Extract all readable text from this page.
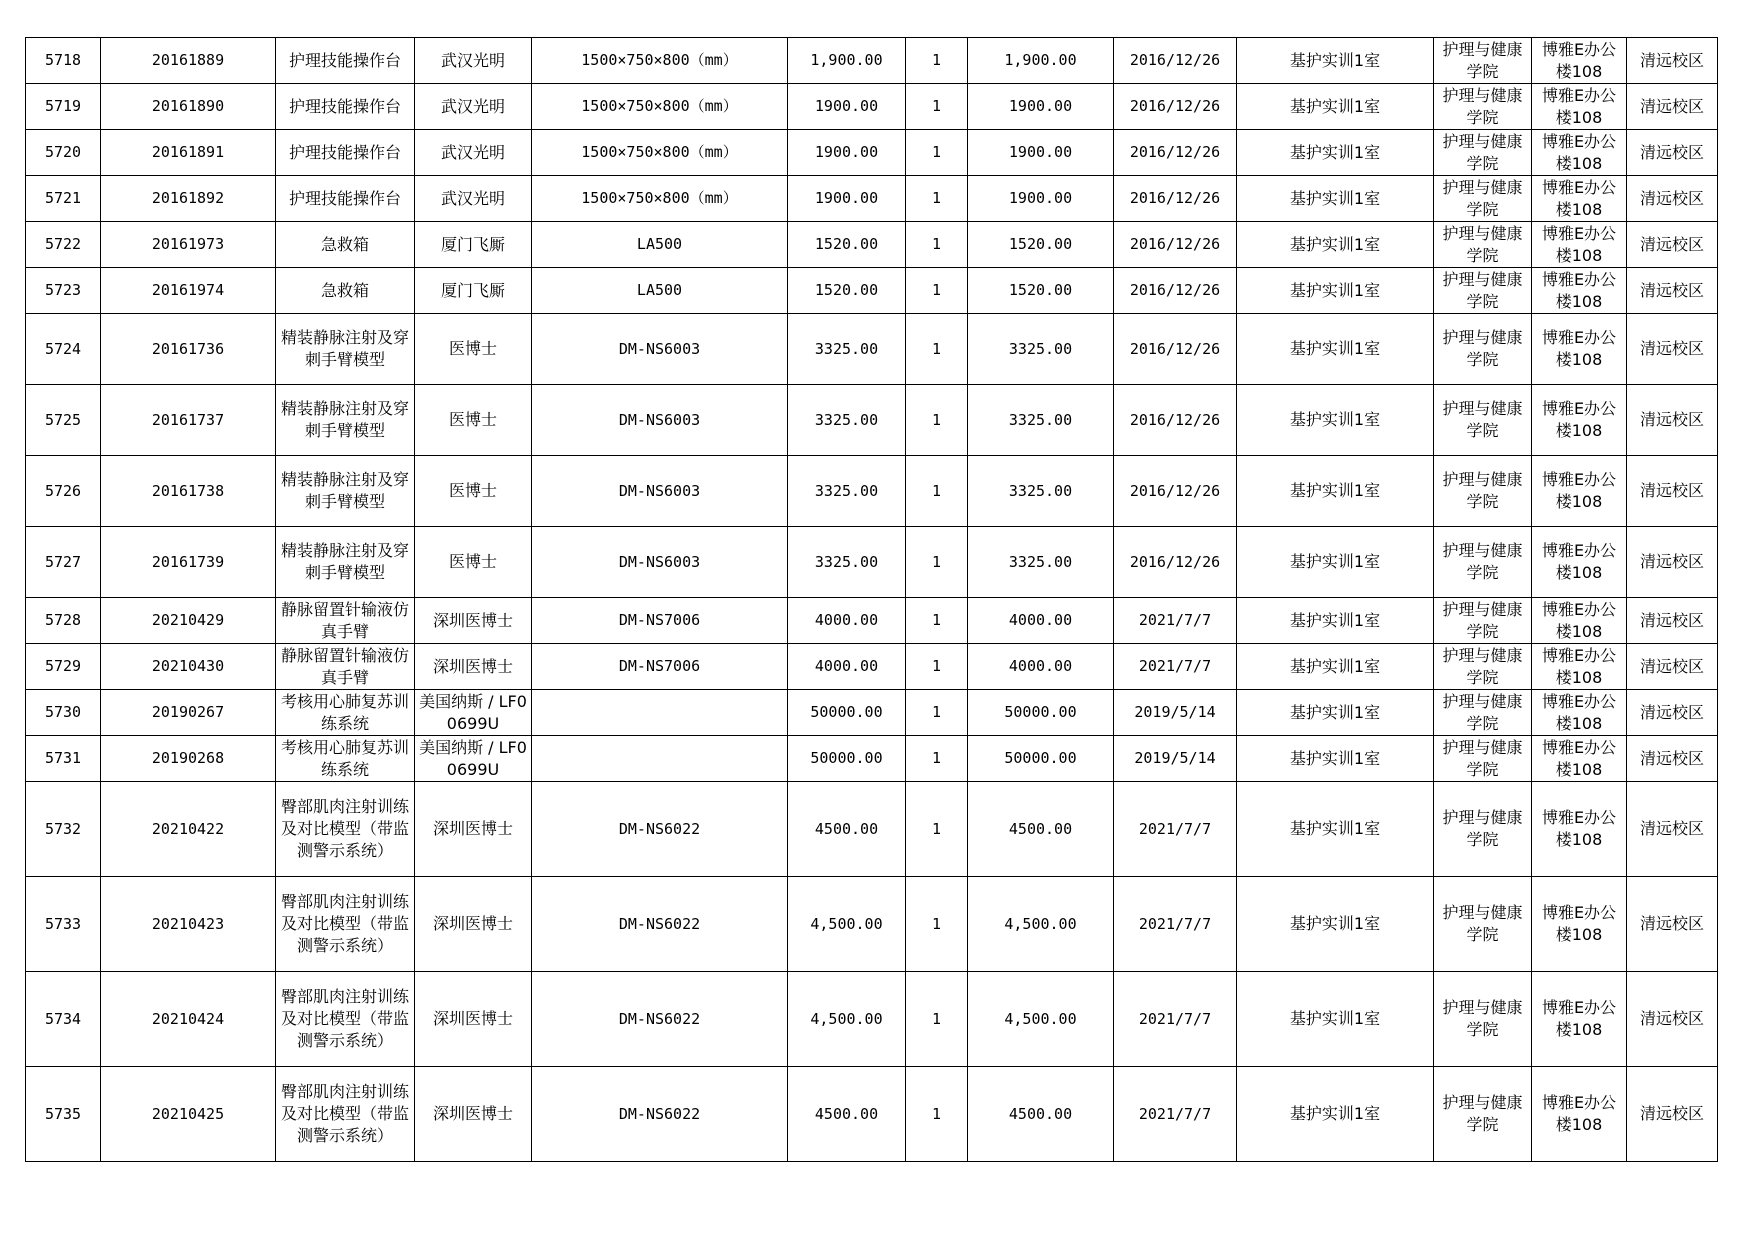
5718	20161889	护理技能操作台	武汉光明	1500×750×800（mm）	1,900.00	1	1,900.00	2016/12/26	基护实训1室	护理与健康学院	博雅E办公楼108	清远校区
5719	20161890	护理技能操作台	武汉光明	1500×750×800（mm）	1900.00	1	1900.00	2016/12/26	基护实训1室	护理与健康学院	博雅E办公楼108	清远校区
5720	20161891	护理技能操作台	武汉光明	1500×750×800（mm）	1900.00	1	1900.00	2016/12/26	基护实训1室	护理与健康学院	博雅E办公楼108	清远校区
5721	20161892	护理技能操作台	武汉光明	1500×750×800（mm）	1900.00	1	1900.00	2016/12/26	基护实训1室	护理与健康学院	博雅E办公楼108	清远校区
5722	20161973	急救箱	厦门飞厮	LA500	1520.00	1	1520.00	2016/12/26	基护实训1室	护理与健康学院	博雅E办公楼108	清远校区
5723	20161974	急救箱	厦门飞厮	LA500	1520.00	1	1520.00	2016/12/26	基护实训1室	护理与健康学院	博雅E办公楼108	清远校区
5724	20161736	精装静脉注射及穿刺手臂模型	医博士	DM-NS6003	3325.00	1	3325.00	2016/12/26	基护实训1室	护理与健康学院	博雅E办公楼108	清远校区
5725	20161737	精装静脉注射及穿刺手臂模型	医博士	DM-NS6003	3325.00	1	3325.00	2016/12/26	基护实训1室	护理与健康学院	博雅E办公楼108	清远校区
5726	20161738	精装静脉注射及穿刺手臂模型	医博士	DM-NS6003	3325.00	1	3325.00	2016/12/26	基护实训1室	护理与健康学院	博雅E办公楼108	清远校区
5727	20161739	精装静脉注射及穿刺手臂模型	医博士	DM-NS6003	3325.00	1	3325.00	2016/12/26	基护实训1室	护理与健康学院	博雅E办公楼108	清远校区
5728	20210429	静脉留置针输液仿真手臂	深圳医博士	DM-NS7006	4000.00	1	4000.00	2021/7/7	基护实训1室	护理与健康学院	博雅E办公楼108	清远校区
5729	20210430	静脉留置针输液仿真手臂	深圳医博士	DM-NS7006	4000.00	1	4000.00	2021/7/7	基护实训1室	护理与健康学院	博雅E办公楼108	清远校区
5730	20190267	考核用心肺复苏训练系统	美国纳斯 / LF00699U		50000.00	1	50000.00	2019/5/14	基护实训1室	护理与健康学院	博雅E办公楼108	清远校区
5731	20190268	考核用心肺复苏训练系统	美国纳斯 / LF00699U		50000.00	1	50000.00	2019/5/14	基护实训1室	护理与健康学院	博雅E办公楼108	清远校区
5732	20210422	臀部肌肉注射训练及对比模型（带监测警示系统）	深圳医博士	DM-NS6022	4500.00	1	4500.00	2021/7/7	基护实训1室	护理与健康学院	博雅E办公楼108	清远校区
5733	20210423	臀部肌肉注射训练及对比模型（带监测警示系统）	深圳医博士	DM-NS6022	4,500.00	1	4,500.00	2021/7/7	基护实训1室	护理与健康学院	博雅E办公楼108	清远校区
5734	20210424	臀部肌肉注射训练及对比模型（带监测警示系统）	深圳医博士	DM-NS6022	4,500.00	1	4,500.00	2021/7/7	基护实训1室	护理与健康学院	博雅E办公楼108	清远校区
5735	20210425	臀部肌肉注射训练及对比模型（带监测警示系统）	深圳医博士	DM-NS6022	4500.00	1	4500.00	2021/7/7	基护实训1室	护理与健康学院	博雅E办公楼108	清远校区
